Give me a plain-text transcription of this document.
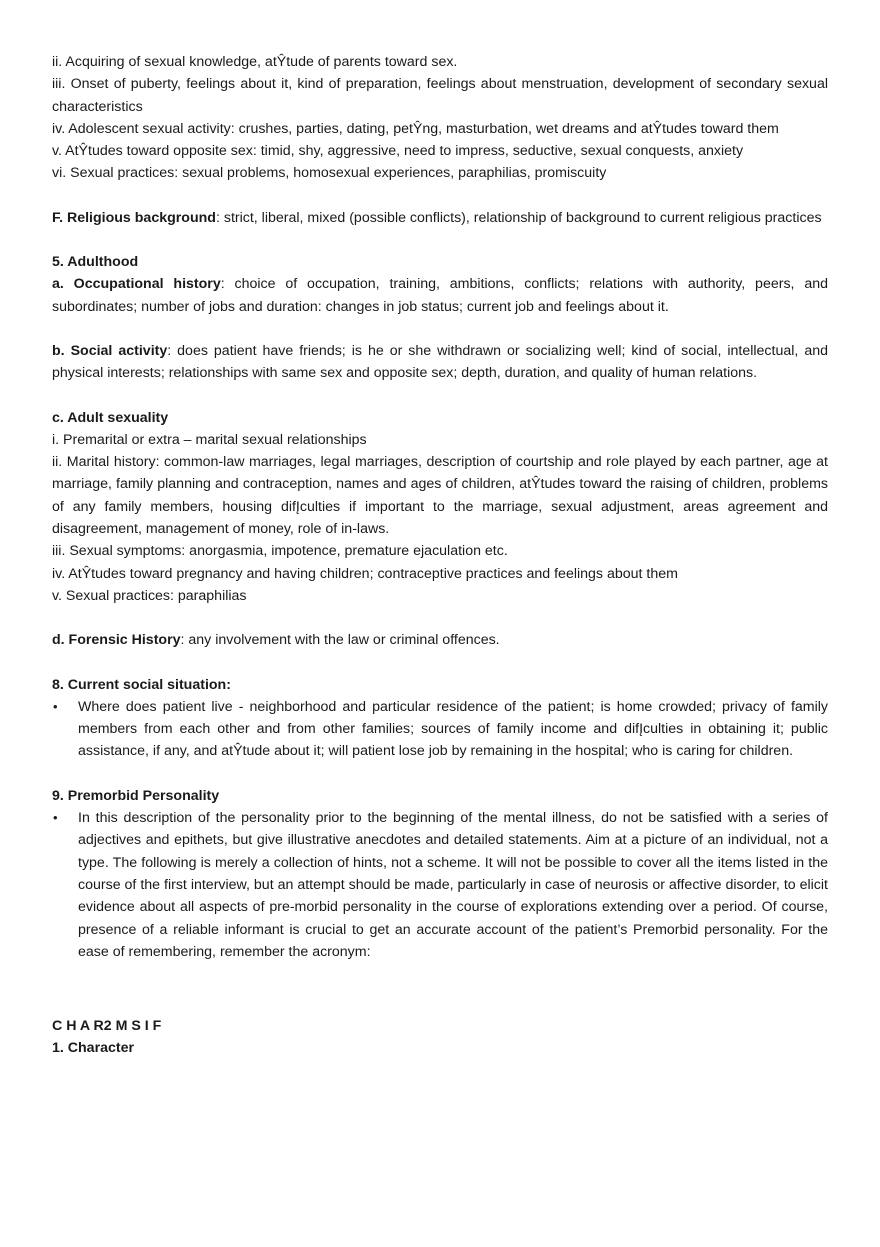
ii. Acquiring of sexual knowledge, atŶtude of parents toward sex.

iii. Onset of puberty, feelings about it, kind of preparation, feelings about menstruation, development of secondary sexual characteristics

iv. Adolescent sexual activity: crushes, parties, dating, petŶng, masturbation, wet dreams and atŶtudes toward them

v. AtŶtudes toward opposite sex: timid, shy, aggressive, need to impress, seductive, sexual conquests, anxiety

vi. Sexual practices: sexual problems, homosexual experiences, paraphilias, promiscuity

F. Religious background: strict, liberal, mixed (possible conflicts), relationship of background to current religious practices

5. Adulthood

a. Occupational history: choice of occupation, training, ambitions, conflicts; relations with authority, peers, and subordinates; number of jobs and duration: changes in job status; current job and feelings about it.

b. Social activity: does patient have friends; is he or she withdrawn or socializing well; kind of social, intellectual, and physical interests; relationships with same sex and opposite sex; depth, duration, and quality of human relations.

c. Adult sexuality

i. Premarital or extra – marital sexual relationships

ii. Marital history: common-law marriages, legal marriages, description of courtship and role played by each partner, age at marriage, family planning and contraception, names and ages of children, atŶtudes toward the raising of children, problems of any family members, housing difĮculties if important to the marriage, sexual adjustment, areas agreement and disagreement, management of money, role of in-laws.

iii. Sexual symptoms: anorgasmia, impotence, premature ejaculation etc.

iv. AtŶtudes toward pregnancy and having children; contraceptive practices and feelings about them

v. Sexual practices: paraphilias

d. Forensic History: any involvement with the law or criminal offences.

8. Current social situation:

• Where does patient live - neighborhood and particular residence of the patient; is home crowded; privacy of family members from each other and from other families; sources of family income and difĮculties in obtaining it; public assistance, if any, and atŶtude about it; will patient lose job by remaining in the hospital; who is caring for children.

9. Premorbid Personality

• In this description of the personality prior to the beginning of the mental illness, do not be satisfied with a series of adjectives and epithets, but give illustrative anecdotes and detailed statements. Aim at a picture of an individual, not a type. The following is merely a collection of hints, not a scheme. It will not be possible to cover all the items listed in the course of the first interview, but an attempt should be made, particularly in case of neurosis or affective disorder, to elicit evidence about all aspects of pre-morbid personality in the course of explorations extending over a period. Of course, presence of a reliable informant is crucial to get an accurate account of the patient’s Premorbid personality. For the ease of remembering, remember the acronym:

C H A R2 M S I F

1. Character
